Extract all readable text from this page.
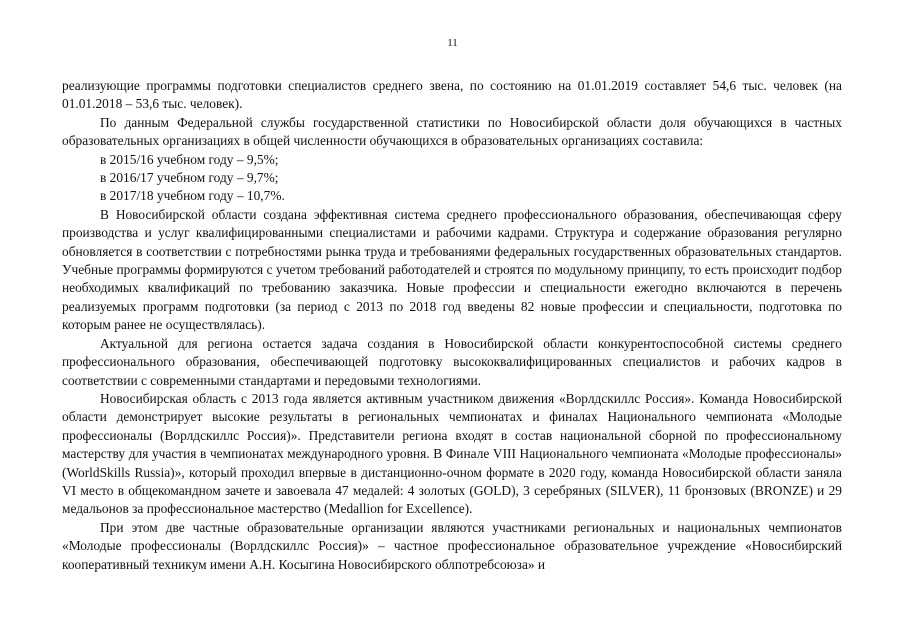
11

реализующие программы подготовки специалистов среднего звена, по состоянию на 01.01.2019 составляет 54,6 тыс. человек (на 01.01.2018 – 53,6 тыс. человек).

По данным Федеральной службы государственной статистики по Новосибирской области доля обучающихся в частных образовательных организациях в общей численности обучающихся в образовательных организациях составила:

в 2015/16 учебном году – 9,5%;

в 2016/17 учебном году – 9,7%;

в 2017/18 учебном году – 10,7%.

В Новосибирской области создана эффективная система среднего профессионального образования, обеспечивающая сферу производства и услуг квалифицированными специалистами и рабочими кадрами. Структура и содержание образования регулярно обновляется в соответствии с потребностями рынка труда и требованиями федеральных государственных образовательных стандартов. Учебные программы формируются с учетом требований работодателей и строятся по модульному принципу, то есть происходит подбор необходимых квалификаций по требованию заказчика. Новые профессии и специальности ежегодно включаются в перечень реализуемых программ подготовки (за период с 2013 по 2018 год введены 82 новые профессии и специальности, подготовка по которым ранее не осуществлялась).

Актуальной для региона остается задача создания в Новосибирской области конкурентоспособной системы среднего профессионального образования, обеспечивающей подготовку высококвалифицированных специалистов и рабочих кадров в соответствии с современными стандартами и передовыми технологиями.

Новосибирская область с 2013 года является активным участником движения «Ворлдскиллс Россия». Команда Новосибирской области демонстрирует высокие результаты в региональных чемпионатах и финалах Национального чемпионата «Молодые профессионалы (Ворлдскиллс Россия)». Представители региона входят в состав национальной сборной по профессиональному мастерству для участия в чемпионатах международного уровня. В Финале VIII Национального чемпионата «Молодые профессионалы» (WorldSkills Russia)», который проходил впервые в дистанционно-очном формате в 2020 году, команда Новосибирской области заняла VI место в общекомандном зачете и завоевала 47 медалей: 4 золотых (GOLD), 3 серебряных (SILVER), 11 бронзовых (BRONZE) и 29 медальонов за профессиональное мастерство (Medallion for Excellence).

При этом две частные образовательные организации являются участниками региональных и национальных чемпионатов «Молодые профессионалы (Ворлдскиллс Россия)» – частное профессиональное образовательное учреждение «Новосибирский кооперативный техникум имени А.Н. Косыгина Новосибирского облпотребсоюза» и
